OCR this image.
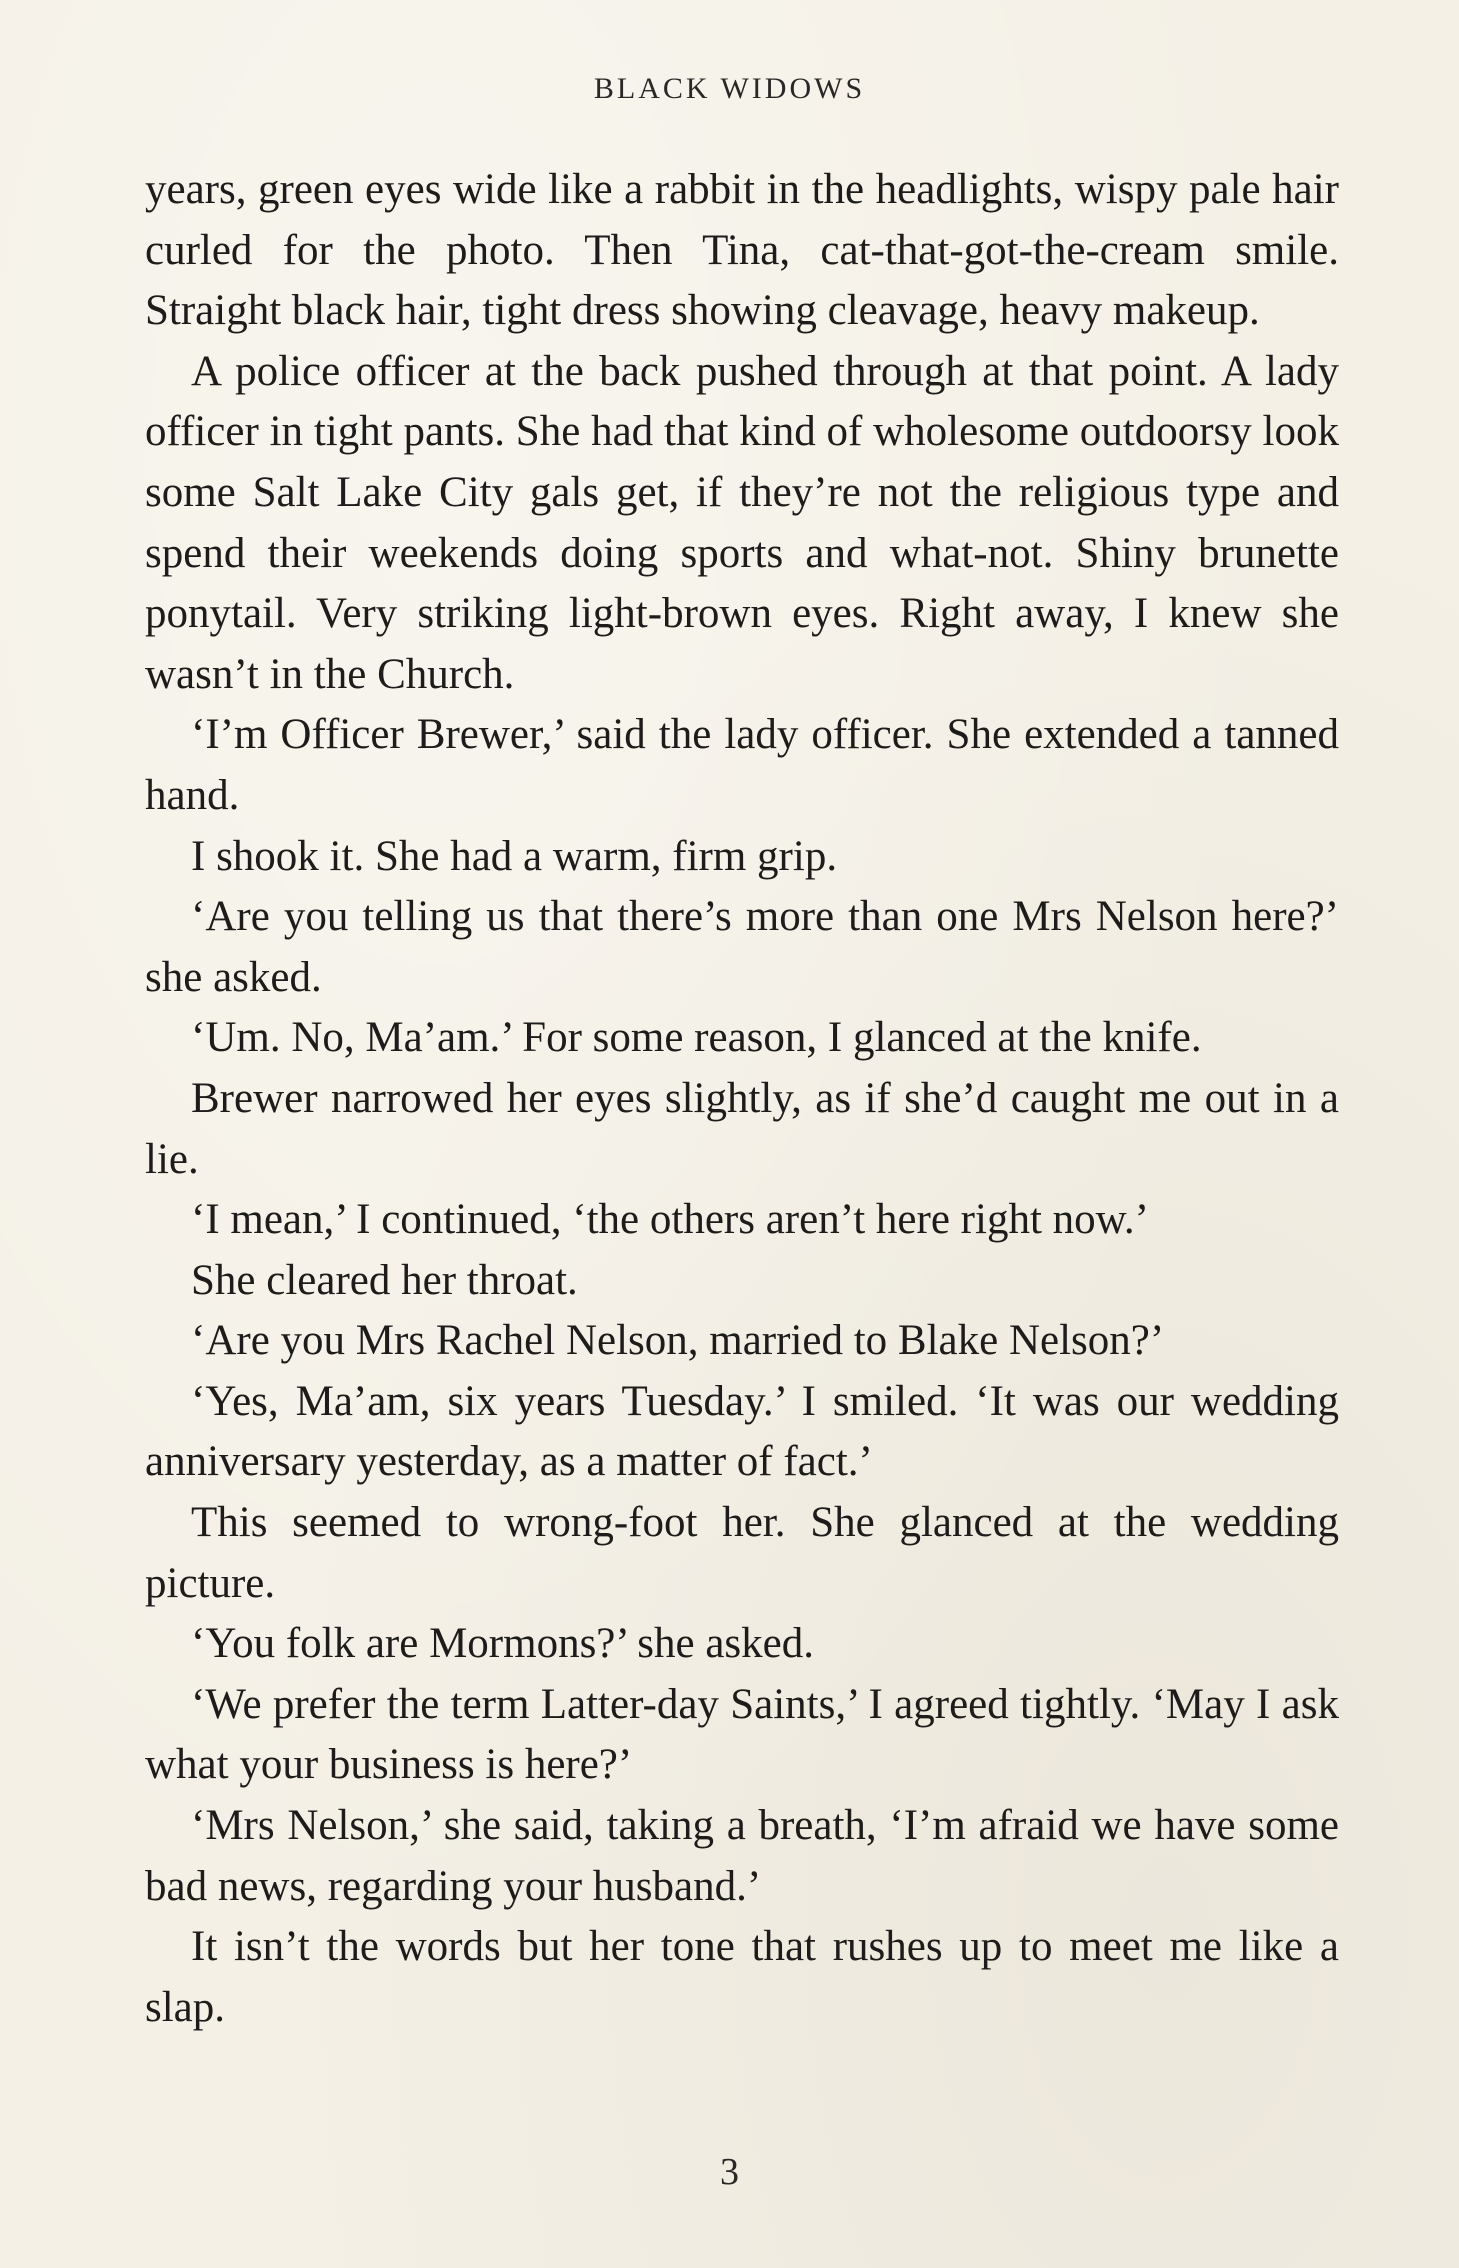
BLACK WIDOWS

years, green eyes wide like a rabbit in the headlights, wispy pale hair curled for the photo. Then Tina, cat-that-got-the-cream smile. Straight black hair, tight dress showing cleavage, heavy makeup.

A police officer at the back pushed through at that point. A lady officer in tight pants. She had that kind of wholesome outdoorsy look some Salt Lake City gals get, if they’re not the religious type and spend their weekends doing sports and what-not. Shiny brunette ponytail. Very striking light-brown eyes. Right away, I knew she wasn’t in the Church.

‘I’m Officer Brewer,’ said the lady officer. She extended a tanned hand.

I shook it. She had a warm, firm grip.

‘Are you telling us that there’s more than one Mrs Nelson here?’ she asked.

‘Um. No, Ma’am.’ For some reason, I glanced at the knife.

Brewer narrowed her eyes slightly, as if she’d caught me out in a lie.

‘I mean,’ I continued, ‘the others aren’t here right now.’

She cleared her throat.

‘Are you Mrs Rachel Nelson, married to Blake Nelson?’

‘Yes, Ma’am, six years Tuesday.’ I smiled. ‘It was our wedding anniversary yesterday, as a matter of fact.’

This seemed to wrong-foot her. She glanced at the wedding picture.

‘You folk are Mormons?’ she asked.

‘We prefer the term Latter-day Saints,’ I agreed tightly. ‘May I ask what your business is here?’

‘Mrs Nelson,’ she said, taking a breath, ‘I’m afraid we have some bad news, regarding your husband.’

It isn’t the words but her tone that rushes up to meet me like a slap.

3
